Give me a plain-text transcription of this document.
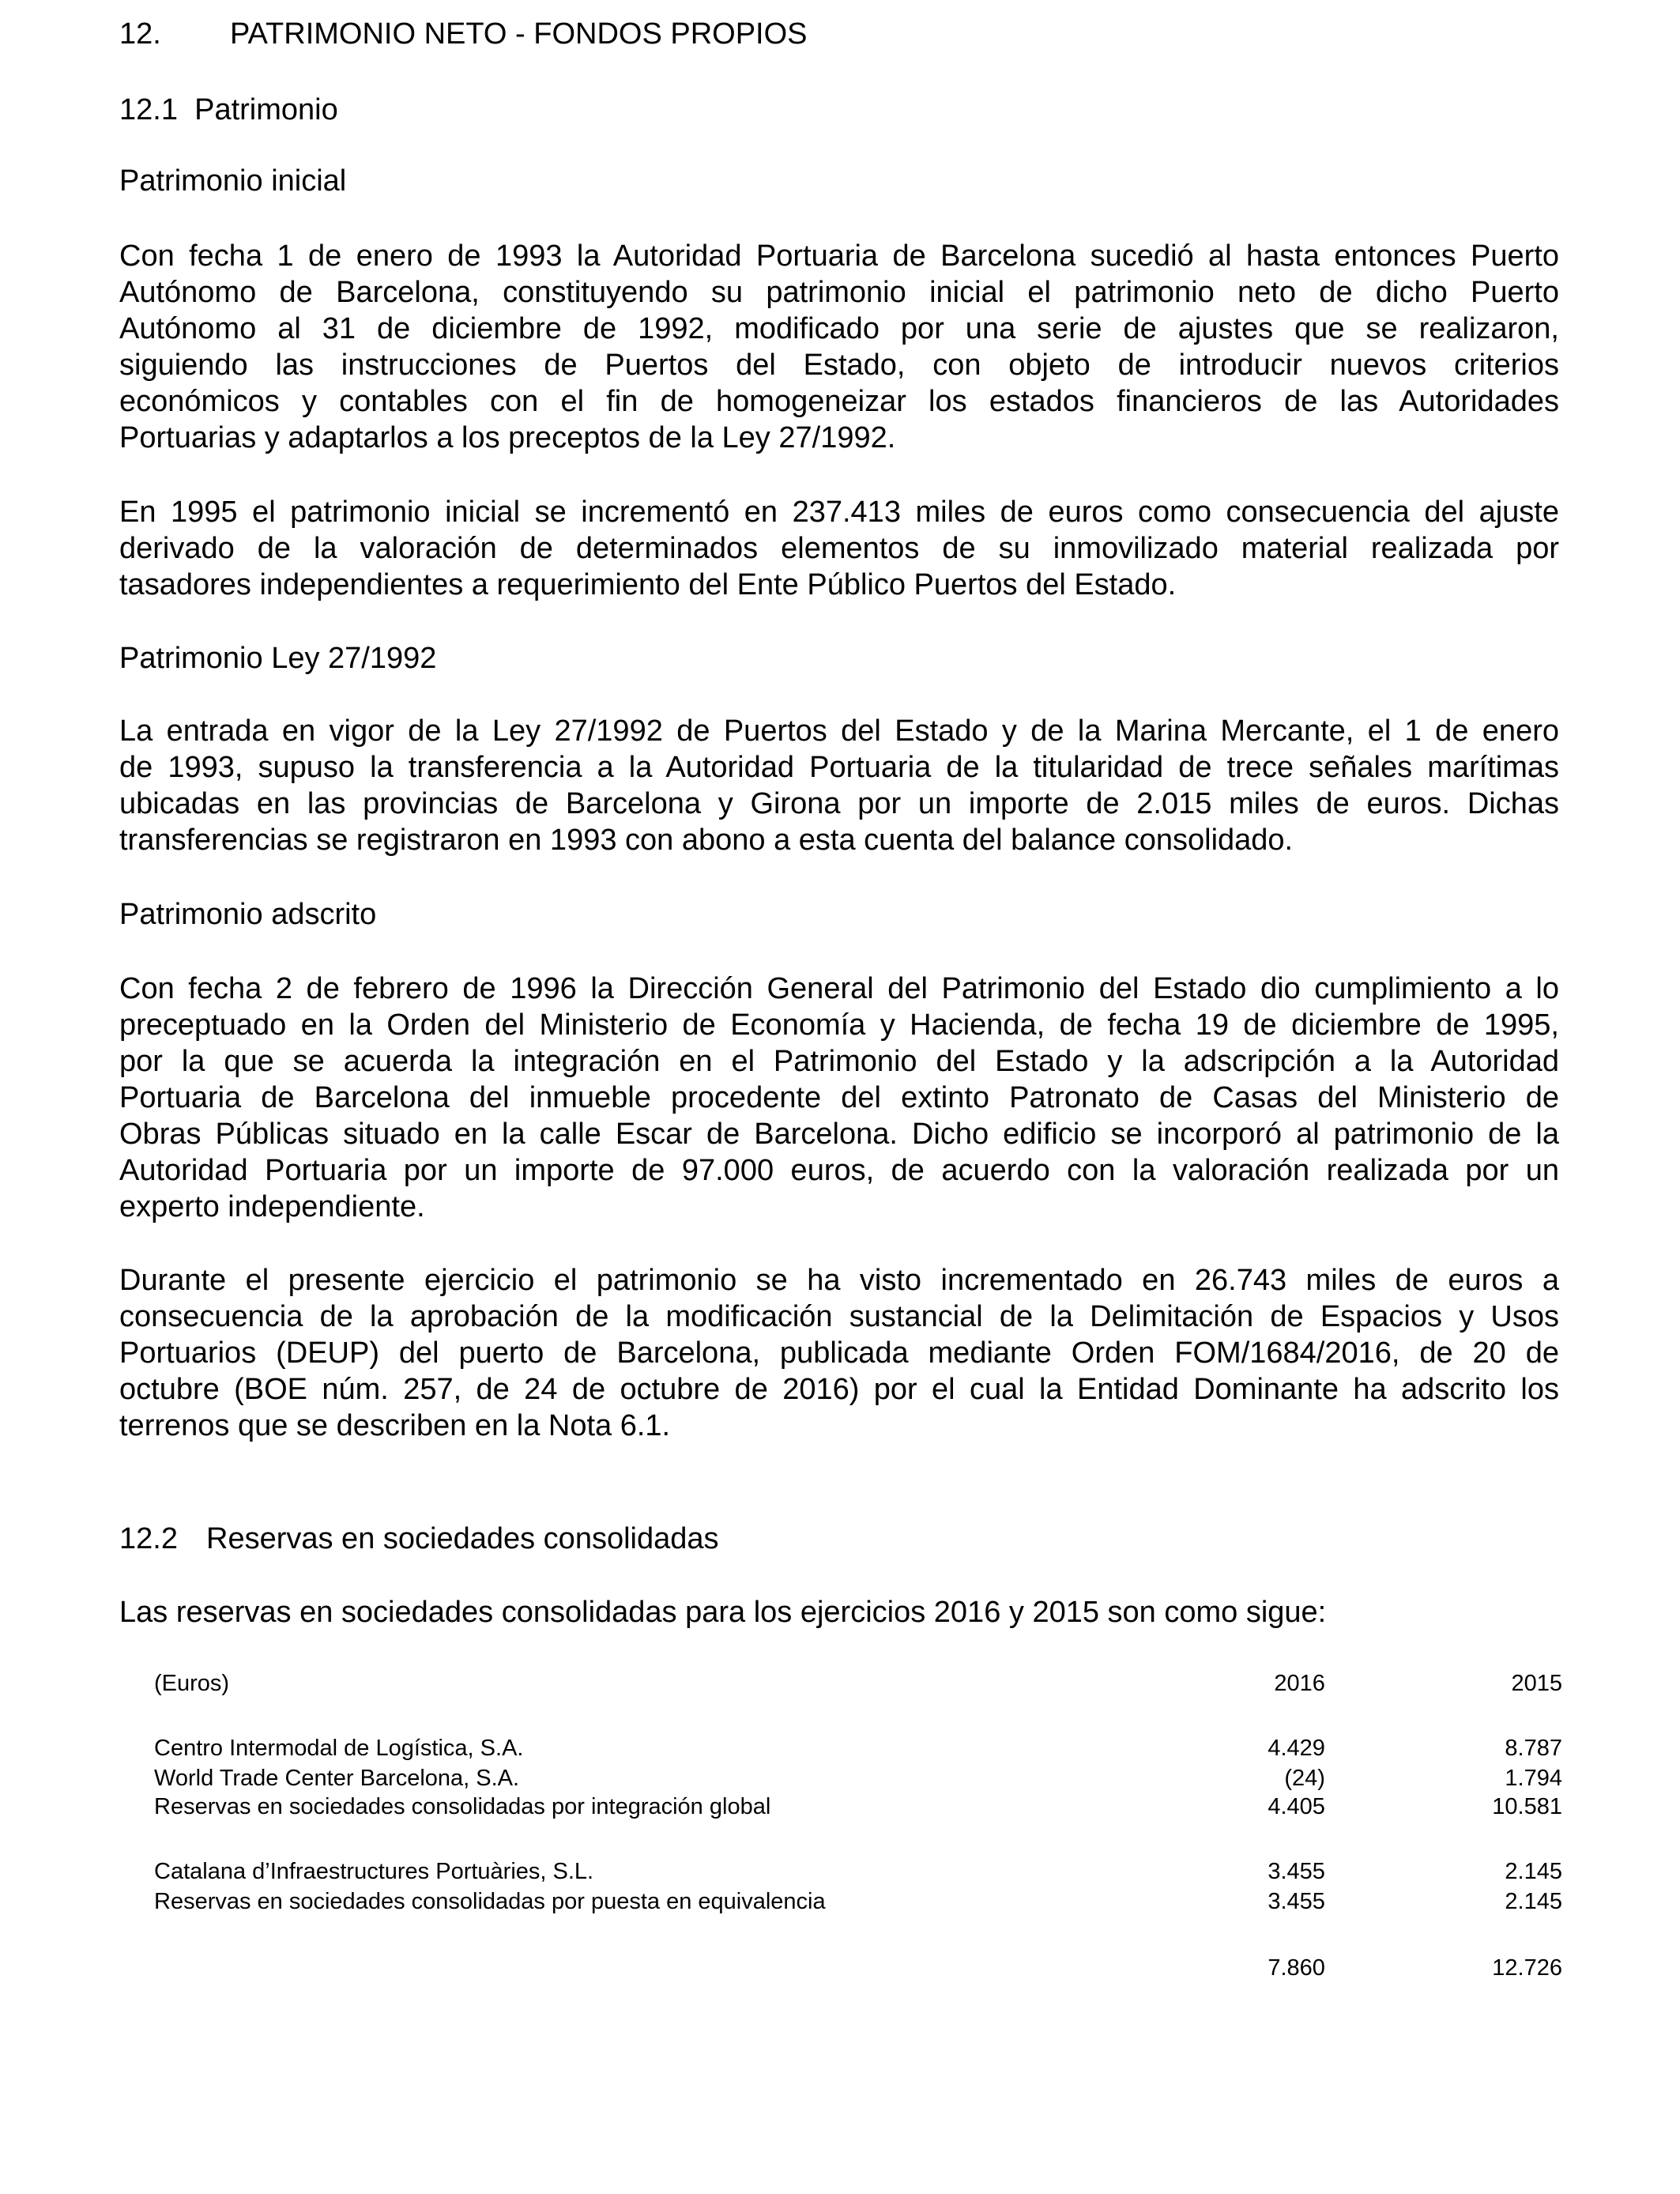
12. PATRIMONIO NETO - FONDOS PROPIOS
12.1 Patrimonio
Patrimonio inicial
Con fecha 1 de enero de 1993 la Autoridad Portuaria de Barcelona sucedió al hasta entonces Puerto
Autónomo de Barcelona, constituyendo su patrimonio inicial el patrimonio neto de dicho Puerto
Autónomo al 31 de diciembre de 1992, modificado por una serie de ajustes que se realizaron,
siguiendo las instrucciones de Puertos del Estado, con objeto de introducir nuevos criterios
económicos y contables con el fin de homogeneizar los estados financieros de las Autoridades
Portuarias y adaptarlos a los preceptos de la Ley 27/1992.
En 1995 el patrimonio inicial se incrementó en 237.413 miles de euros como consecuencia del ajuste
derivado de la valoración de determinados elementos de su inmovilizado material realizada por
tasadores independientes a requerimiento del Ente Público Puertos del Estado.
Patrimonio Ley 27/1992
La entrada en vigor de la Ley 27/1992 de Puertos del Estado y de la Marina Mercante, el 1 de enero
de 1993, supuso la transferencia a la Autoridad Portuaria de la titularidad de trece señales marítimas
ubicadas en las provincias de Barcelona y Girona por un importe de 2.015 miles de euros. Dichas
transferencias se registraron en 1993 con abono a esta cuenta del balance consolidado.
Patrimonio adscrito
Con fecha 2 de febrero de 1996 la Dirección General del Patrimonio del Estado dio cumplimiento a lo
preceptuado en la Orden del Ministerio de Economía y Hacienda, de fecha 19 de diciembre de 1995,
por la que se acuerda la integración en el Patrimonio del Estado y la adscripción a la Autoridad
Portuaria de Barcelona del inmueble procedente del extinto Patronato de Casas del Ministerio de
Obras Públicas situado en la calle Escar de Barcelona. Dicho edificio se incorporó al patrimonio de la
Autoridad Portuaria por un importe de 97.000 euros, de acuerdo con la valoración realizada por un
experto independiente.
Durante el presente ejercicio el patrimonio se ha visto incrementado en 26.743 miles de euros a
consecuencia de la aprobación de la modificación sustancial de la Delimitación de Espacios y Usos
Portuarios (DEUP) del puerto de Barcelona, publicada mediante Orden FOM/1684/2016, de 20 de
octubre (BOE núm. 257, de 24 de octubre de 2016) por el cual la Entidad Dominante ha adscrito los
terrenos que se describen en la Nota 6.1.
12.2 Reservas en sociedades consolidadas
Las reservas en sociedades consolidadas para los ejercicios 2016 y 2015 son como sigue:
(Euros)	2016	2015

Centro Intermodal de Logística, S.A.	4.429	8.787
World Trade Center Barcelona, S.A.	(24)	1.794
Reservas en sociedades consolidadas por integración global	4.405	10.581

Catalana d’Infraestructures Portuàries, S.L.	3.455	2.145
Reservas en sociedades consolidadas por puesta en equivalencia	3.455	2.145

	7.860	12.726
